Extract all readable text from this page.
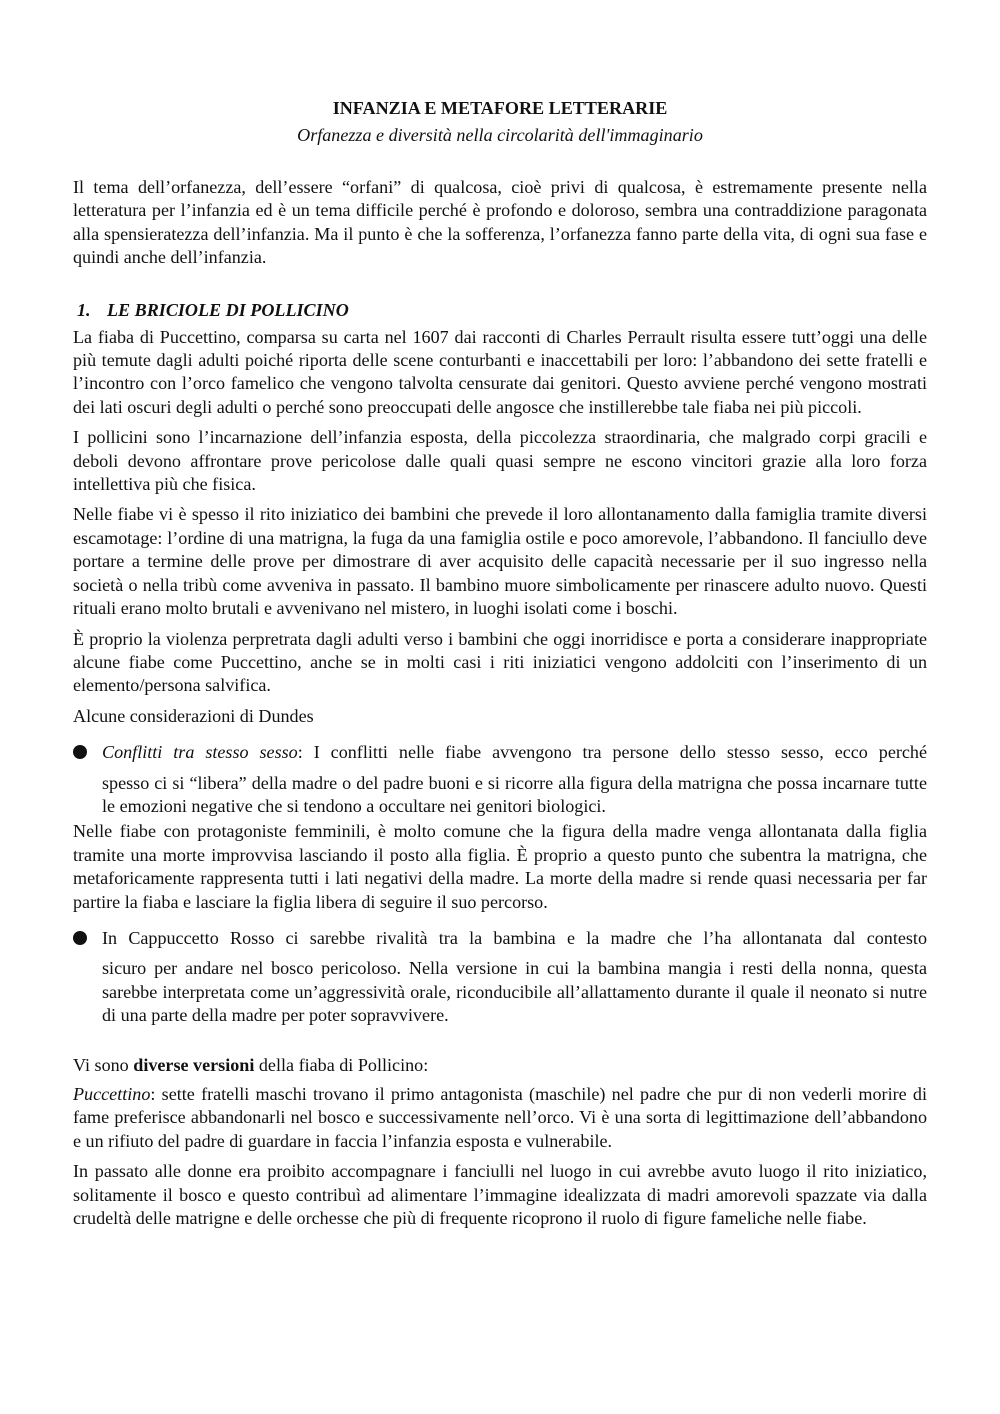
INFANZIA E METAFORE LETTERARIE

Orfanezza e diversità nella circolarità dell'immaginario

Il tema dell’orfanezza, dell’essere “orfani” di qualcosa, cioè privi di qualcosa, è estremamente presente nella letteratura per l’infanzia ed è un tema difficile perché è profondo e doloroso, sembra una contraddizione paragonata alla spensieratezza dell’infanzia. Ma il punto è che la sofferenza, l’orfanezza fanno parte della vita, di ogni sua fase e quindi anche dell’infanzia.

1. LE BRICIOLE DI POLLICINO

La fiaba di Puccettino, comparsa su carta nel 1607 dai racconti di Charles Perrault risulta essere tutt’oggi una delle più temute dagli adulti poiché riporta delle scene conturbanti e inaccettabili per loro: l’abbandono dei sette fratelli e l’incontro con l’orco famelico che vengono talvolta censurate dai genitori. Questo avviene perché vengono mostrati dei lati oscuri degli adulti o perché sono preoccupati delle angosce che instillerebbe tale fiaba nei più piccoli.

I pollicini sono l’incarnazione dell’infanzia esposta, della piccolezza straordinaria, che malgrado corpi gracili e deboli devono affrontare prove pericolose dalle quali quasi sempre ne escono vincitori grazie alla loro forza intellettiva più che fisica.

Nelle fiabe vi è spesso il rito iniziatico dei bambini che prevede il loro allontanamento dalla famiglia tramite diversi escamotage: l’ordine di una matrigna, la fuga da una famiglia ostile e poco amorevole, l’abbandono. Il fanciullo deve portare a termine delle prove per dimostrare di aver acquisito delle capacità necessarie per il suo ingresso nella società o nella tribù come avveniva in passato. Il bambino muore simbolicamente per rinascere adulto nuovo. Questi rituali erano molto brutali e avvenivano nel mistero, in luoghi isolati come i boschi.

È proprio la violenza perpretrata dagli adulti verso i bambini che oggi inorridisce e porta a considerare inappropriate alcune fiabe come Puccettino, anche se in molti casi i riti iniziatici vengono addolciti con l’inserimento di un elemento/persona salvifica.

Alcune considerazioni di Dundes

Conflitti tra stesso sesso: I conflitti nelle fiabe avvengono tra persone dello stesso sesso, ecco perché
spesso ci si “libera” della madre o del padre buoni e si ricorre alla figura della matrigna che possa incarnare tutte le emozioni negative che si tendono a occultare nei genitori biologici.

Nelle fiabe con protagoniste femminili, è molto comune che la figura della madre venga allontanata dalla figlia tramite una morte improvvisa lasciando il posto alla figlia. È proprio a questo punto che subentra la matrigna, che metaforicamente rappresenta tutti i lati negativi della madre. La morte della madre si rende quasi necessaria per far partire la fiaba e lasciare la figlia libera di seguire il suo percorso.

In Cappuccetto Rosso ci sarebbe rivalità tra la bambina e la madre che l’ha allontanata dal contesto
sicuro per andare nel bosco pericoloso. Nella versione in cui la bambina mangia i resti della nonna, questa sarebbe interpretata come un’aggressività orale, riconducibile all’allattamento durante il quale il neonato si nutre di una parte della madre per poter sopravvivere.

Vi sono diverse versioni della fiaba di Pollicino:

Puccettino: sette fratelli maschi trovano il primo antagonista (maschile) nel padre che pur di non vederli morire di fame preferisce abbandonarli nel bosco e successivamente nell’orco. Vi è una sorta di legittimazione dell’abbandono e un rifiuto del padre di guardare in faccia l’infanzia esposta e vulnerabile.

In passato alle donne era proibito accompagnare i fanciulli nel luogo in cui avrebbe avuto luogo il rito iniziatico, solitamente il bosco e questo contribuì ad alimentare l’immagine idealizzata di madri amorevoli spazzate via dalla crudeltà delle matrigne e delle orchesse che più di frequente ricoprono il ruolo di figure fameliche nelle fiabe.
